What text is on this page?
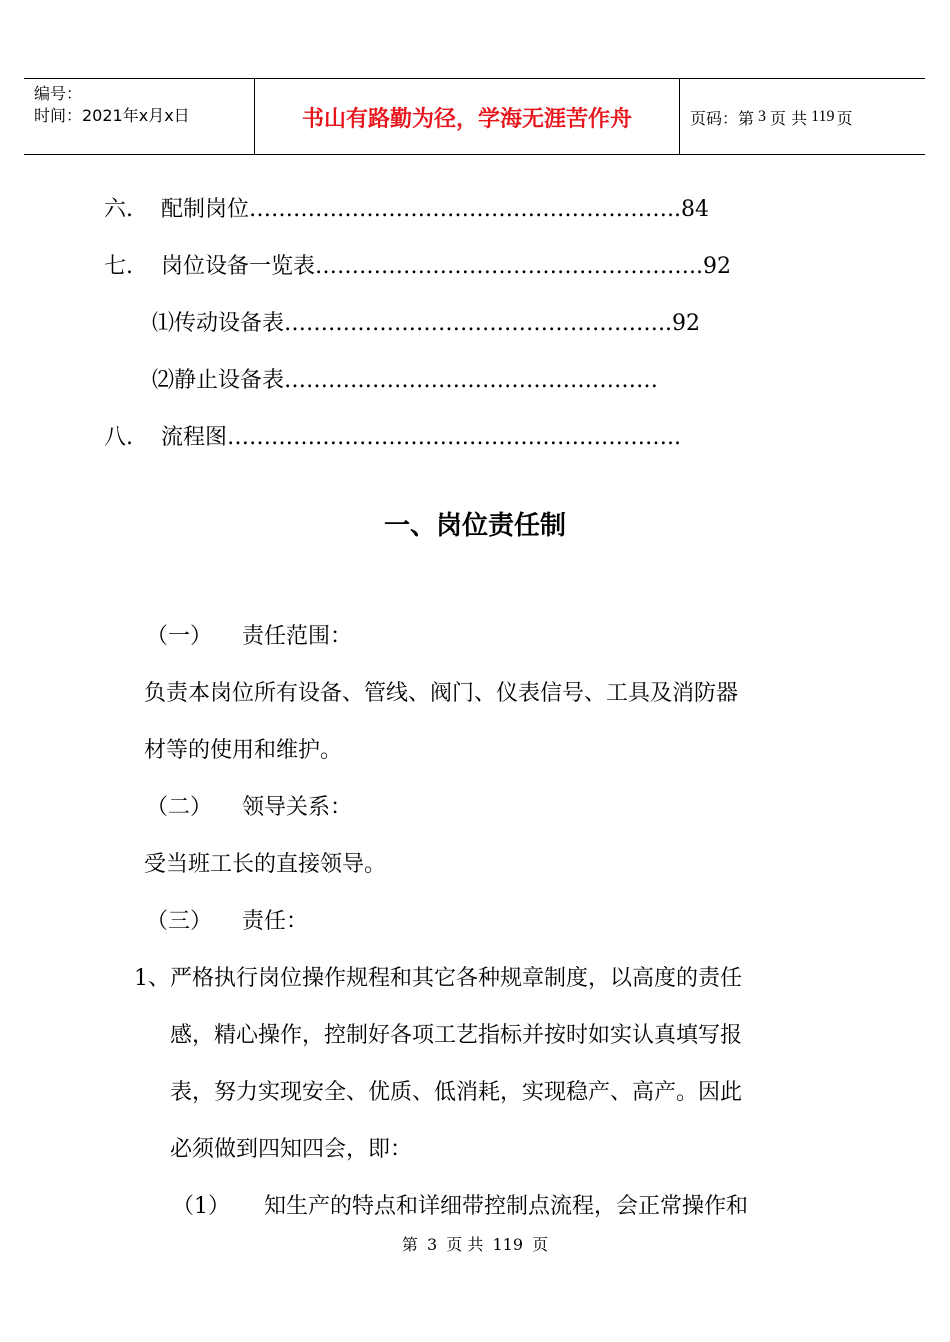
编号：
时间：2021年x月x日	书山有路勤为径，学海无涯苦作舟	页码：第 3 页 共 119 页
六. 配制岗位…………………………………………………..84
七. 岗位设备一览表……………………………………………..92
⑴传动设备表……………………………………………..92
⑵静止设备表……………………………………………
八. 流程图……………………………………………………..
一、岗位责任制
（一） 责任范围：
负责本岗位所有设备、管线、阀门、仪表信号、工具及消防器
材等的使用和维护。
（二） 领导关系：
受当班工长的直接领导。
（三） 责任：
1、严格执行岗位操作规程和其它各种规章制度，以高度的责任
感，精心操作，控制好各项工艺指标并按时如实认真填写报
表，努力实现安全、优质、低消耗，实现稳产、高产。因此
必须做到四知四会，即：
（1） 知生产的特点和详细带控制点流程，会正常操作和
第 3 页 共 119 页
